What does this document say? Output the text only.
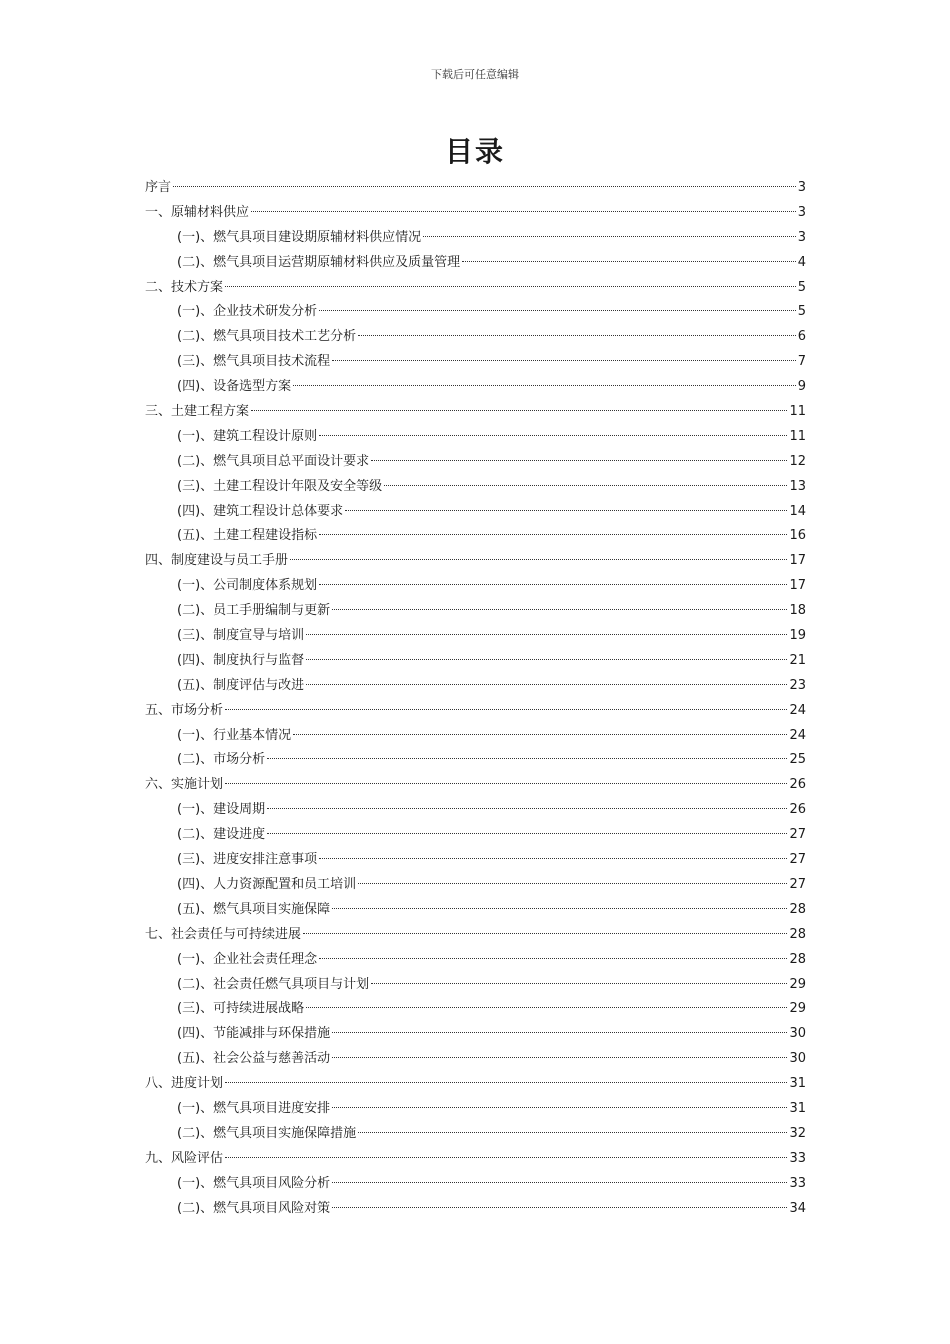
下载后可任意编辑
目录
序言	3
一、原辅材料供应	3
(一)、燃气具项目建设期原辅材料供应情况	3
(二)、燃气具项目运营期原辅材料供应及质量管理	4
二、技术方案	5
(一)、企业技术研发分析	5
(二)、燃气具项目技术工艺分析	6
(三)、燃气具项目技术流程	7
(四)、设备选型方案	9
三、土建工程方案	11
(一)、建筑工程设计原则	11
(二)、燃气具项目总平面设计要求	12
(三)、土建工程设计年限及安全等级	13
(四)、建筑工程设计总体要求	14
(五)、土建工程建设指标	16
四、制度建设与员工手册	17
(一)、公司制度体系规划	17
(二)、员工手册编制与更新	18
(三)、制度宣导与培训	19
(四)、制度执行与监督	21
(五)、制度评估与改进	23
五、市场分析	24
(一)、行业基本情况	24
(二)、市场分析	25
六、实施计划	26
(一)、建设周期	26
(二)、建设进度	27
(三)、进度安排注意事项	27
(四)、人力资源配置和员工培训	27
(五)、燃气具项目实施保障	28
七、社会责任与可持续进展	28
(一)、企业社会责任理念	28
(二)、社会责任燃气具项目与计划	29
(三)、可持续进展战略	29
(四)、节能减排与环保措施	30
(五)、社会公益与慈善活动	30
八、进度计划	31
(一)、燃气具项目进度安排	31
(二)、燃气具项目实施保障措施	32
九、风险评估	33
(一)、燃气具项目风险分析	33
(二)、燃气具项目风险对策	34
